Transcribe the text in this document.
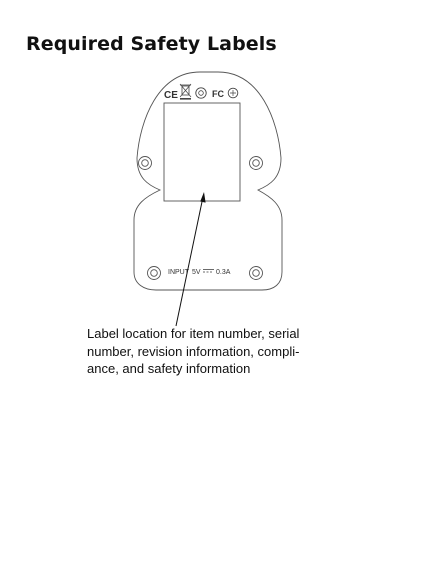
Required Safety Labels
CE	FC
INPUT 5V 0.3A

Label location for item number, serial
number, revision information, compli-
ance, and safety information
